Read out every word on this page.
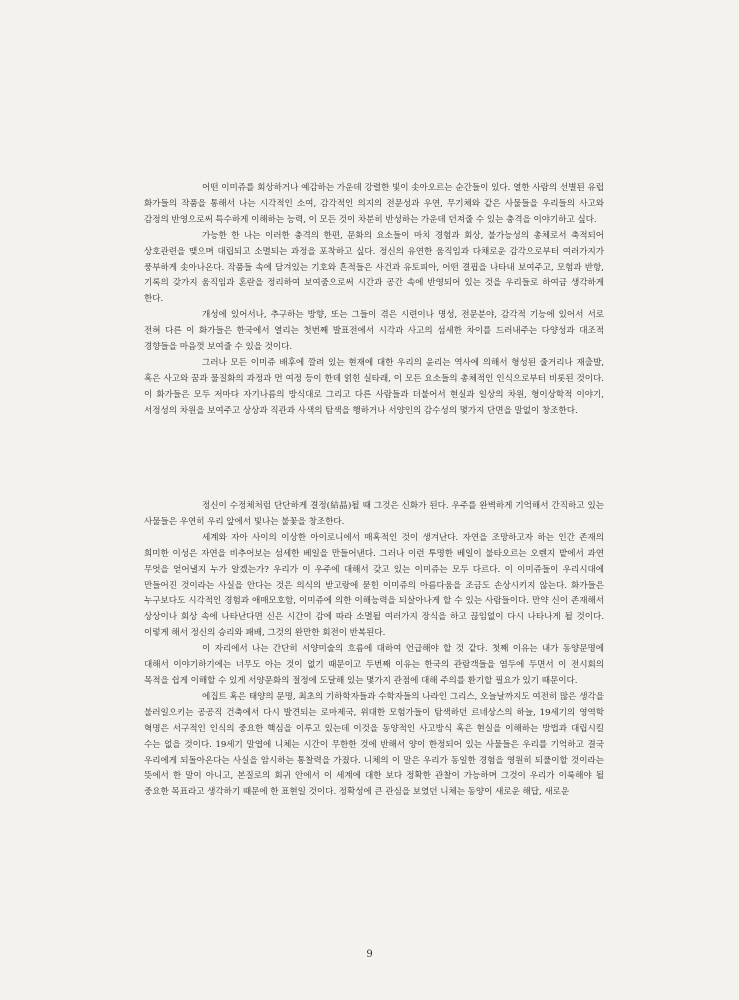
어떤 이미쥬를 회상하거나 예감하는 가운데 강렬한 빛이 솟아오르는 순간들이 있다. 열한 사람의 선별된 유럽 화가들의 작품을 통해서 나는 시각적인 소여, 감각적인 의지의 전문성과 우연, 무기체와 같은 사물들을 우리들의 사고와 감정의 반영으로써 특수하게 이해하는 능력, 이 모든 것이 차분히 반성하는 가운데 던져줄 수 있는 충격을 이야기하고 싶다.

가능한 한 나는 이러한 충격의 한편, 문화의 요소들이 마치 경험과 회상, 불가능성의 총체로서 축적되어 상호관련을 맺으며 대립되고 소멸되는 과정을 포착하고 싶다. 정신의 유연한 움직임과 다채로운 감각으로부터 여러가지가 풍부하게 솟아나온다. 작품들 속에 담겨있는 기호와 흔적들은 사건과 유토피아, 어떤 결핍을 나타내 보여주고, 모험과 반항, 기록의 갖가지 움직임과 혼란을 정리하여 보여줌으로써 시간과 공간 속에 반영되어 있는 것을 우리들로 하여금 생각하게 한다.

개성에 있어서나, 추구하는 방향, 또는 그들이 겪은 시련이나 명성, 전문분야, 감각적 기능에 있어서 서로 전혀 다른 이 화가들은 한국에서 열리는 첫번째 발표전에서 시각과 사고의 섬세한 차이를 드러내주는 다양성과 대조적 경향들을 마음껏 보여줄 수 있을 것이다.

그러나 모든 이미쥬 배후에 깔려 있는 현재에 대한 우리의 윤리는 역사에 의해서 형성된 줄거리나 재출발, 혹은 사고와 꿈과 물질화의 과정과 먼 여정 등이 한데 얽힌 실타래, 이 모든 요소들의 총체적인 인식으로부터 비롯된 것이다. 이 화가들은 모두 저마다 자기나름의 방식대로 그리고 다른 사람들과 더불어서 현실과 일상의 차원, 형이상학적 이야기, 서정성의 차원을 보여주고 상상과 직관과 사색의 탐색을 행하거나 서양인의 감수성의 몇가지 단면을 말없이 창조한다.

정신이 수정체처럼 단단하게 결정(結晶)될 때 그것은 신화가 된다. 우주를 완벽하게 기억해서 간직하고 있는 사물들은 우연히 우리 앞에서 빛나는 불꽃을 창조한다.

세계와 자아 사이의 이상한 아이로니에서 매혹적인 것이 생겨난다. 자연을 조망하고자 하는 인간 존재의 희미한 이성은 자연을 비추어보는 섬세한 베일을 만들어낸다. 그러나 이런 투명한 베일이 불타오르는 오렌지 밭에서 과연 무엇을 얻어낼지 누가 알겠는가? 우리가 이 우주에 대해서 갖고 있는 이미쥬는 모두 다르다. 이 이미쥬들이 우리시대에 만들어진 것이라는 사실을 안다는 것은 의식의 받고랑에 묻힌 이미쥬의 아름다움을 조금도 손상시키지 않는다. 화가들은 누구보다도 시각적인 경험과 애매모호함, 이미쥬에 의한 이해능력을 되살아나게 할 수 있는 사람들이다. 만약 신이 존재해서 상상이나 회상 속에 나타난다면 신은 시간이 감에 따라 소멸될 여러가지 장식을 하고 끊임없이 다시 나타나게 될 것이다. 이렇게 해서 정신의 승리와 패배, 그것의 완만한 회전이 반복된다.

이 자리에서 나는 간단히 서양미술의 흐름에 대하여 언급해야 할 것 같다. 첫째 이유는 내가 동양문명에 대해서 이야기하기에는 너무도 아는 것이 없기 때문이고 두번째 이유는 한국의 관람객들을 염두에 두면서 이 전시회의 목적을 쉽게 이해할 수 있게 서양문화의 절정에 도달해 있는 몇가지 관점에 대해 주의를 환기할 필요가 있기 때문이다.

에집트 혹은 태양의 문명, 최초의 기하학자들과 수학자들의 나라인 그리스, 오늘날까지도 여전히 많은 생각을 불러일으키는 공공직 건축에서 다시 발견되는 로마제국, 위대한 모험가들이 탐색하던 르네상스의 하늘, 19세기의 영역학 혁명은 서구적인 인식의 중요한 핵심을 이루고 있는데 이것을 동양적인 사고방식 혹은 현실을 이해하는 방법과 대립시킬 수는 없을 것이다. 19세기 말엽에 니체는 시간이 무한한 것에 반해서 양이 한정되어 있는 사물들은 우리를 기억하고 결국 우리에게 되돌아온다는 사실을 암시하는 통찰력을 가졌다. 니체의 이 말은 우리가 동일한 경험을 영원히 되풀이할 것이라는 뜻에서 한 말이 아니고, 본질로의 회귀 안에서 이 세계에 대한 보다 정확한 관찰이 가능하며 그것이 우리가 이룩해야 될 중요한 목표라고 생각하기 때문에 한 표현일 것이다. 정확성에 큰 관심을 보였던 니체는 동양이 새로운 해답, 새로운

9
